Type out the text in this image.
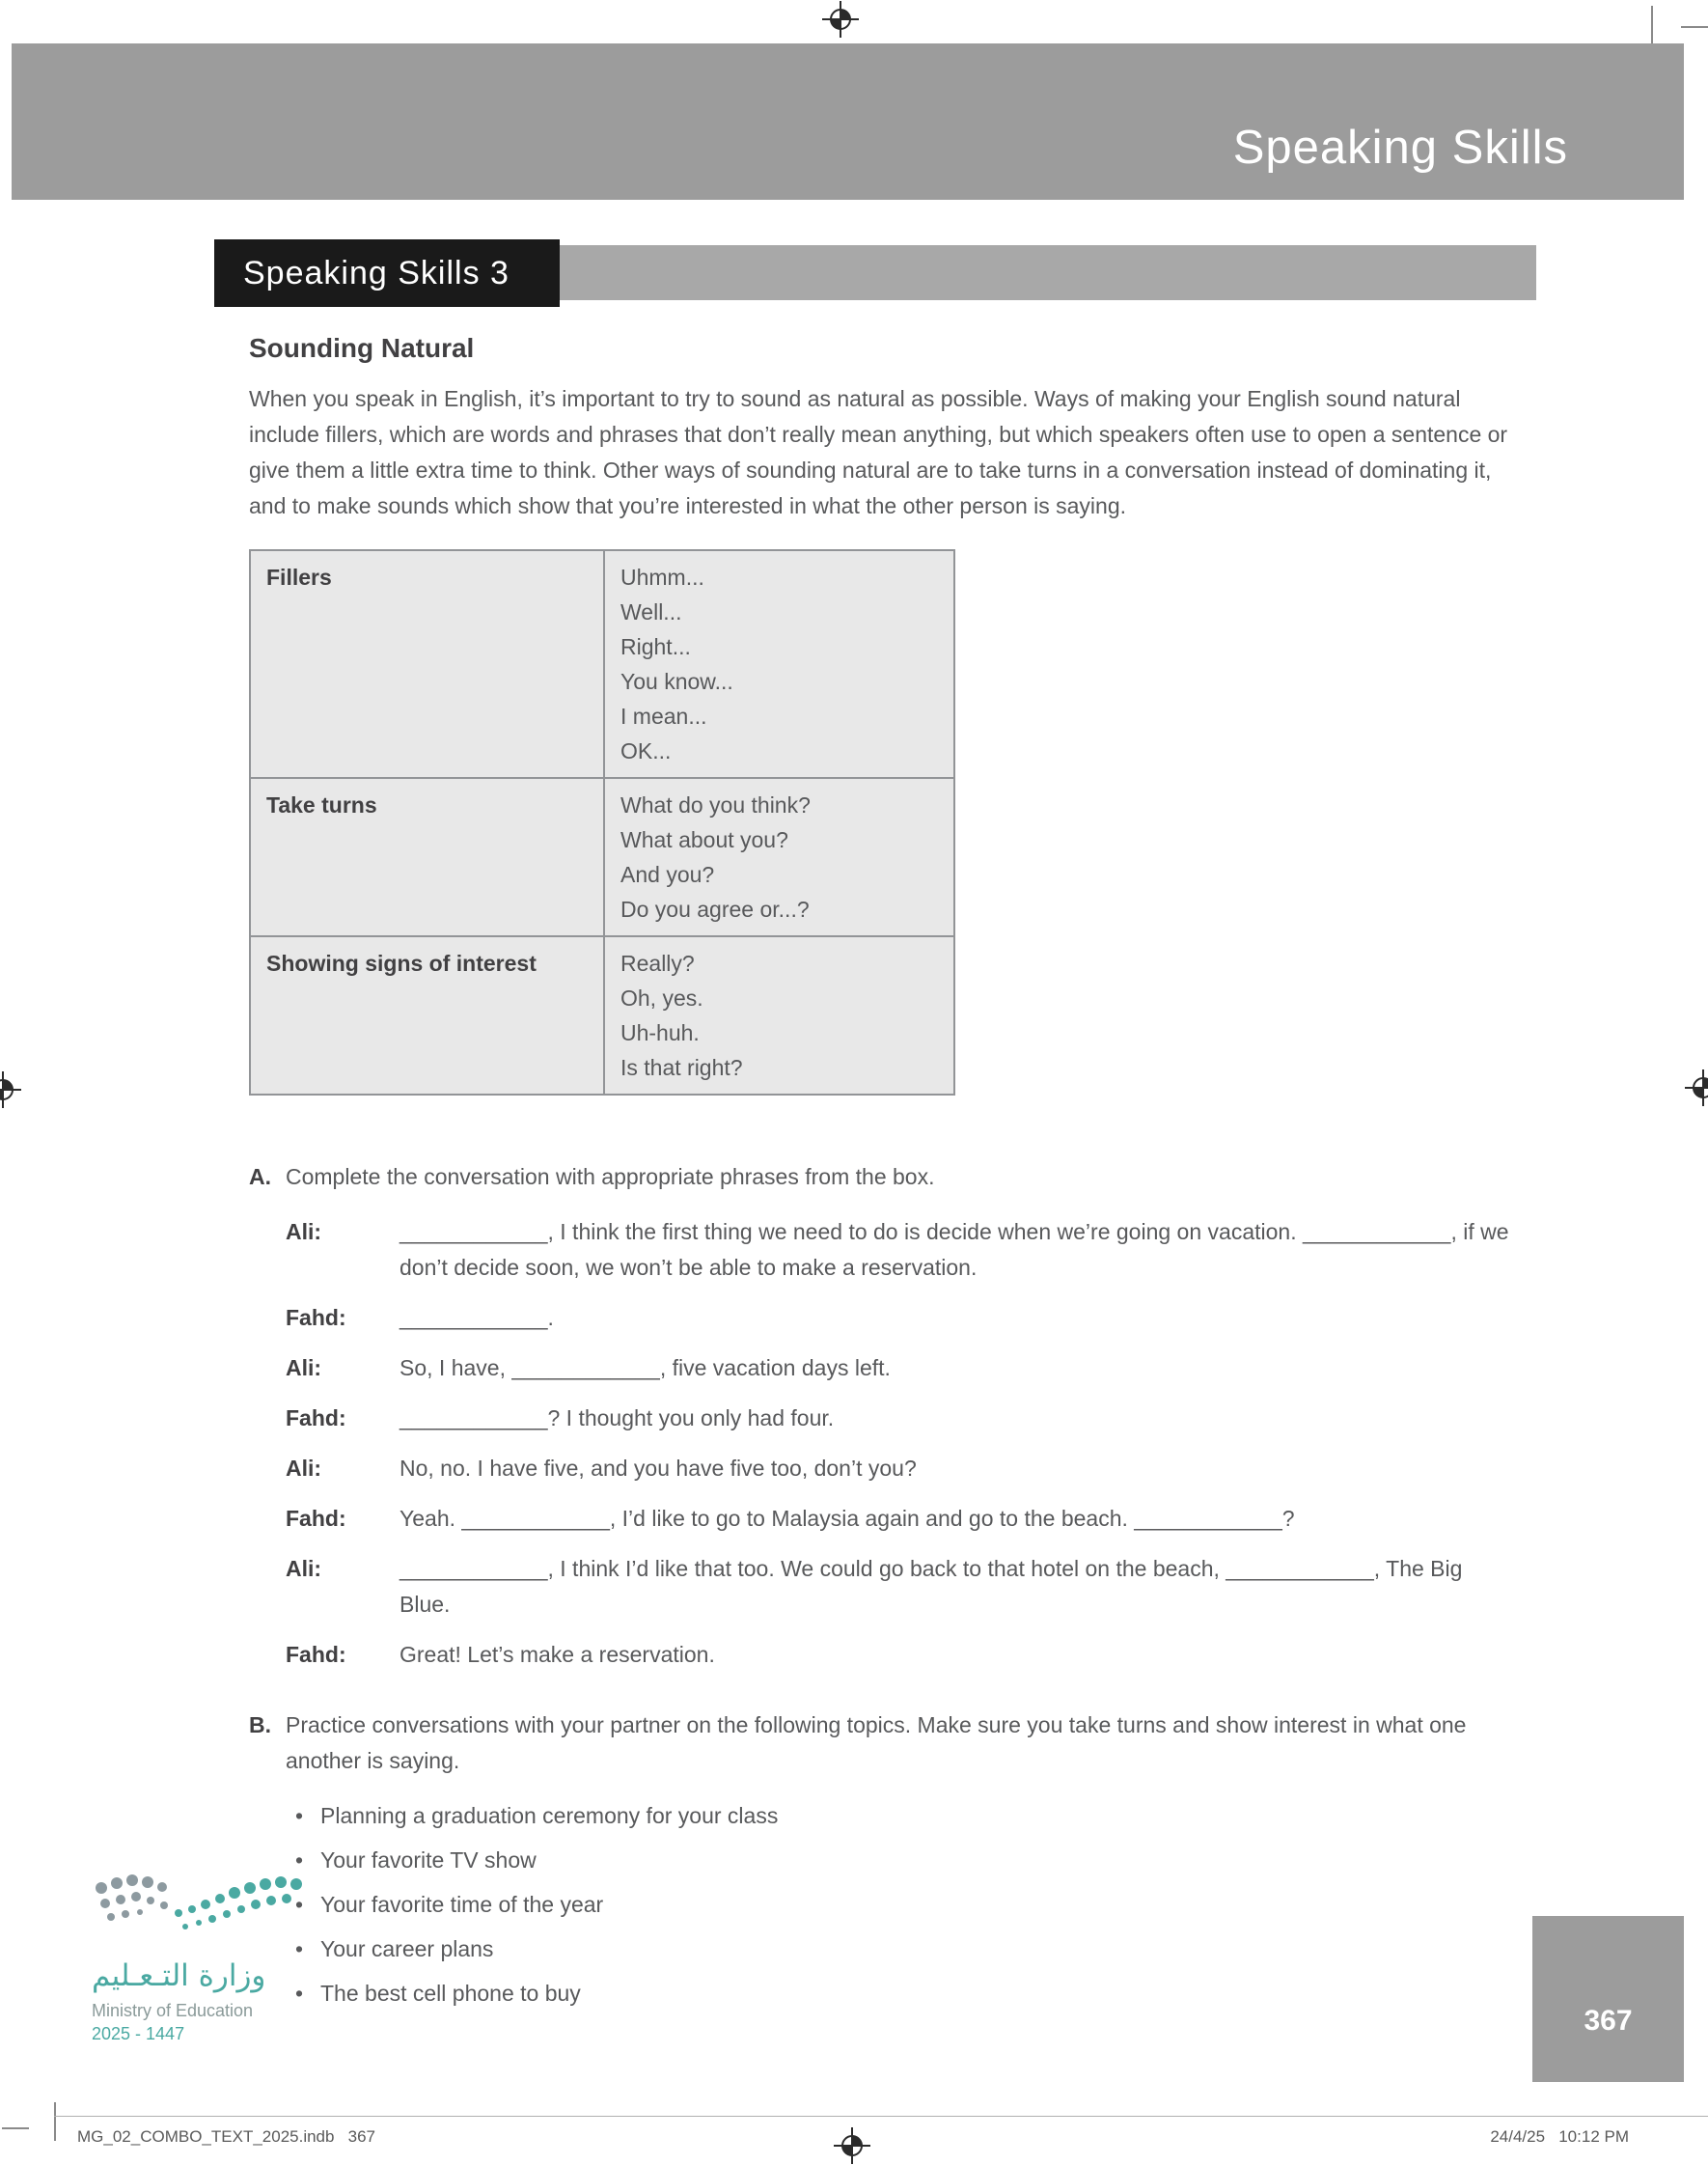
Speaking Skills
Speaking Skills 3
Sounding Natural
When you speak in English, it’s important to try to sound as natural as possible. Ways of making your English sound natural include fillers, which are words and phrases that don’t really mean anything, but which speakers often use to open a sentence or give them a little extra time to think. Other ways of sounding natural are to take turns in a conversation instead of dominating it, and to make sounds which show that you’re interested in what the other person is saying.
Fillers	Uhmm...
Well...
Right...
You know...
I mean...
OK...

Take turns	What do you think?
What about you?
And you?
Do you agree or...?

Showing signs of interest	Really?
Oh, yes.
Uh-huh.
Is that right?
A. Complete the conversation with appropriate phrases from the box.
Ali:	____________, I think the first thing we need to do is decide when we’re going on vacation. ____________, if we don’t decide soon, we won’t be able to make a reservation.
Fahd:	____________.
Ali:	So, I have, ____________, five vacation days left.
Fahd:	____________? I thought you only had four.
Ali:	No, no. I have five, and you have five too, don’t you?
Fahd:	Yeah. ____________, I’d like to go to Malaysia again and go to the beach. ____________?
Ali:	____________, I think I’d like that too. We could go back to that hotel on the beach, ____________, The Big Blue.
Fahd:	Great! Let’s make a reservation.
B. Practice conversations with your partner on the following topics. Make sure you take turns and show interest in what one another is saying.
• Planning a graduation ceremony for your class
• Your favorite TV show
• Your favorite time of the year
• Your career plans
• The best cell phone to buy
وزارة التـعـليم
Ministry of Education
2025 - 1447	367
MG_02_COMBO_TEXT_2025.indb   367	24/4/25   10:12 PM
